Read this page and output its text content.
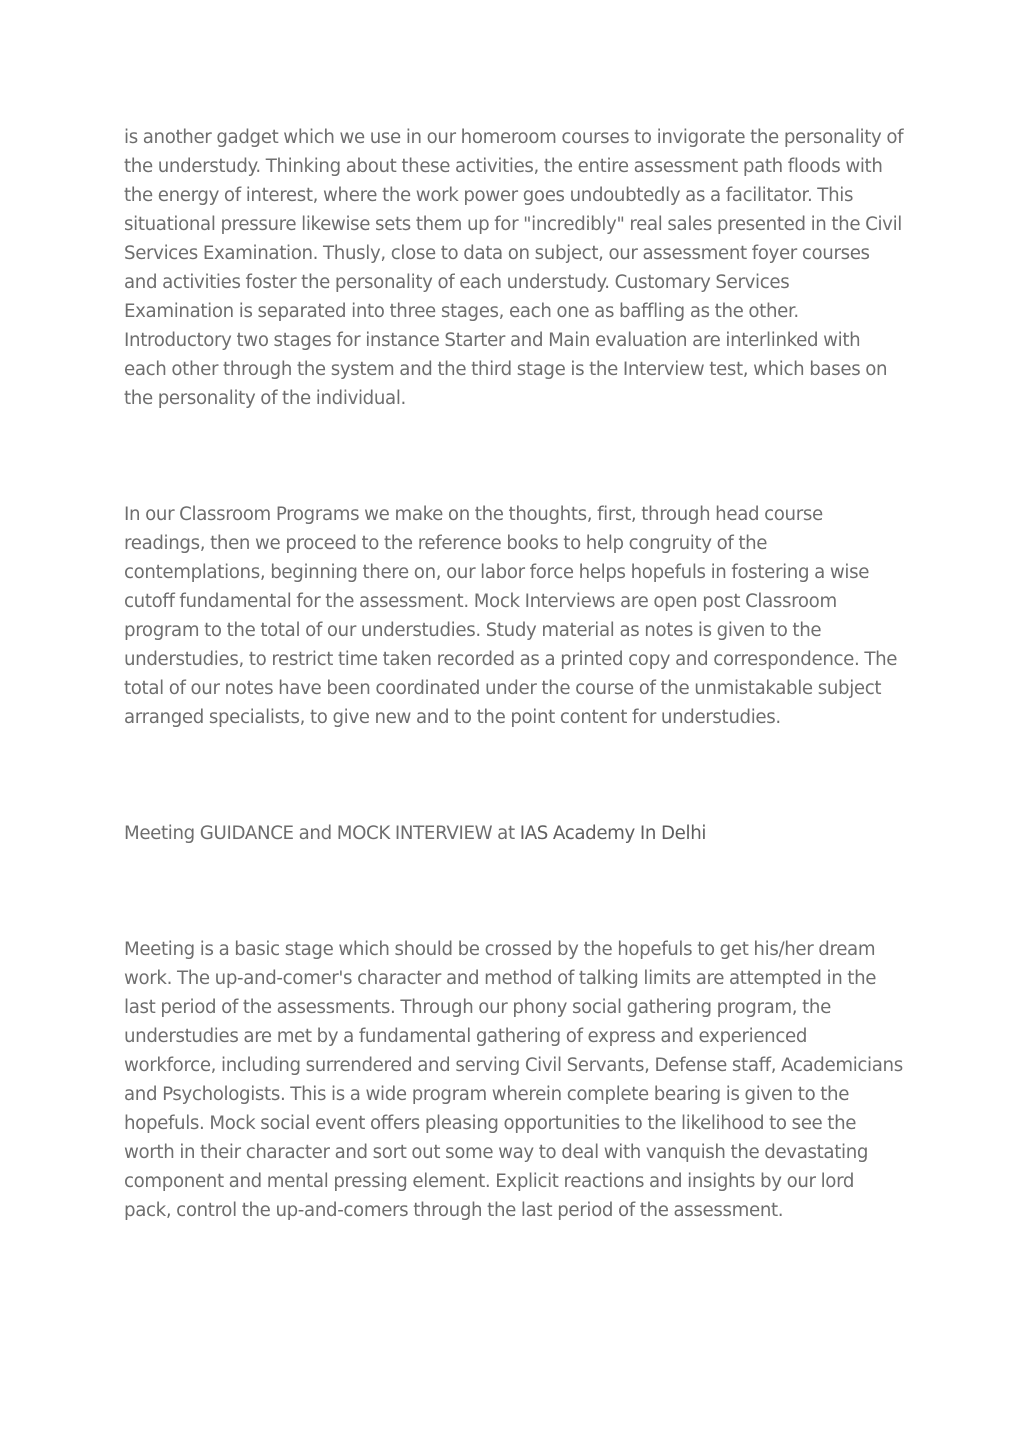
is another gadget which we use in our homeroom courses to invigorate the personality of the understudy. Thinking about these activities, the entire assessment path floods with the energy of interest, where the work power goes undoubtedly as a facilitator. This situational pressure likewise sets them up for "incredibly" real sales presented in the Civil Services Examination. Thusly, close to data on subject, our assessment foyer courses and activities foster the personality of each understudy. Customary Services Examination is separated into three stages, each one as baffling as the other. Introductory two stages for instance Starter and Main evaluation are interlinked with each other through the system and the third stage is the Interview test, which bases on the personality of the individual.

In our Classroom Programs we make on the thoughts, first, through head course readings, then we proceed to the reference books to help congruity of the contemplations, beginning there on, our labor force helps hopefuls in fostering a wise cutoff fundamental for the assessment. Mock Interviews are open post Classroom program to the total of our understudies. Study material as notes is given to the understudies, to restrict time taken recorded as a printed copy and correspondence. The total of our notes have been coordinated under the course of the unmistakable subject arranged specialists, to give new and to the point content for understudies.

Meeting GUIDANCE and MOCK INTERVIEW at IAS Academy In Delhi

Meeting is a basic stage which should be crossed by the hopefuls to get his/her dream work. The up-and-comer's character and method of talking limits are attempted in the last period of the assessments. Through our phony social gathering program, the understudies are met by a fundamental gathering of express and experienced workforce, including surrendered and serving Civil Servants, Defense staff, Academicians and Psychologists. This is a wide program wherein complete bearing is given to the hopefuls. Mock social event offers pleasing opportunities to the likelihood to see the worth in their character and sort out some way to deal with vanquish the devastating component and mental pressing element. Explicit reactions and insights by our lord pack, control the up-and-comers through the last period of the assessment.
